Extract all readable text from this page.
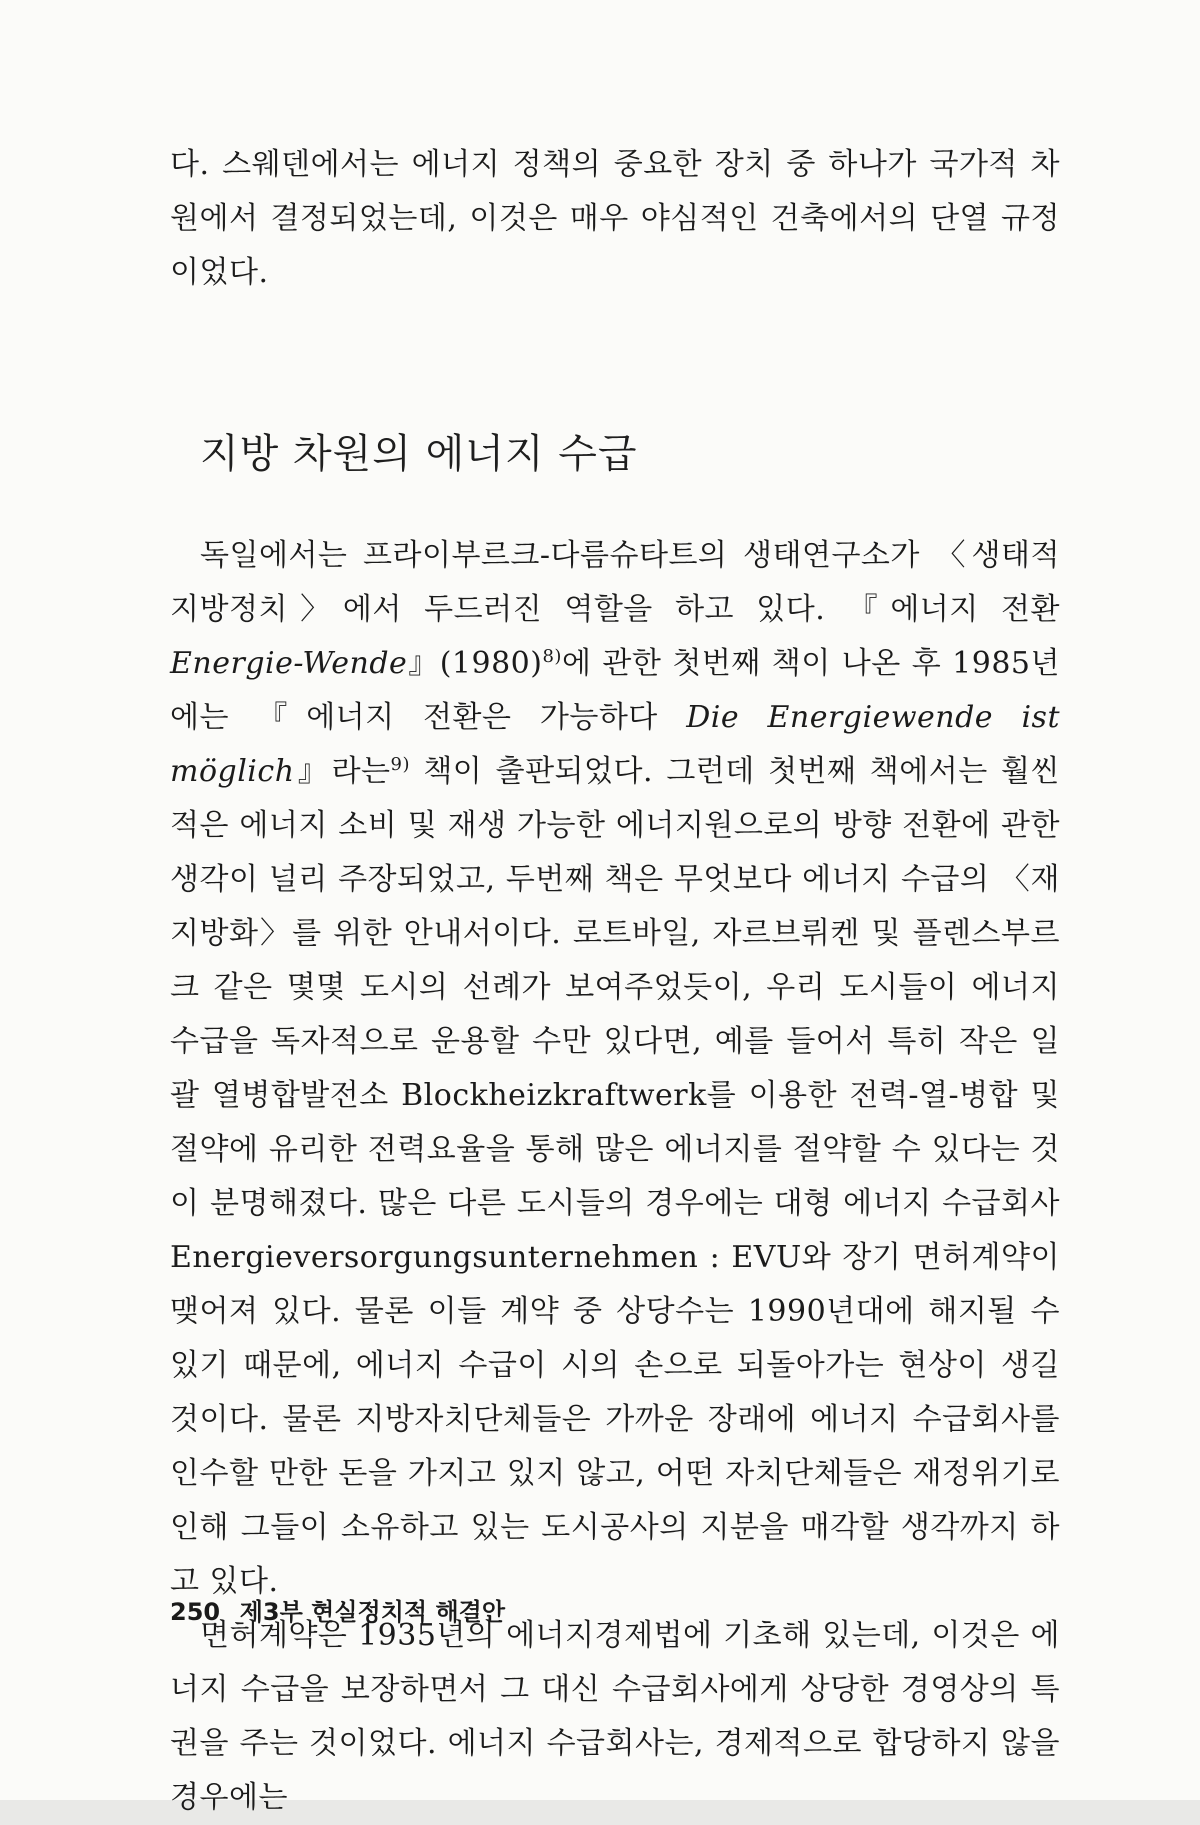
다. 스웨덴에서는 에너지 정책의 중요한 장치 중 하나가 국가적 차원에서 결정되었는데, 이것은 매우 야심적인 건축에서의 단열 규정이었다.

지방 차원의 에너지 수급

독일에서는 프라이부르크-다름슈타트의 생태연구소가 〈생태적 지방정치〉에서 두드러진 역할을 하고 있다. 『에너지 전환 Energie-Wende』$(1980)^{8)}$에 관한 첫번째 책이 나온 후 1985년에는 『에너지 전환은 가능하다 Die Energiewende ist möglich』라는$^{9)}$ 책이 출판되었다. 그런데 첫번째 책에서는 훨씬 적은 에너지 소비 및 재생 가능한 에너지원으로의 방향 전환에 관한 생각이 널리 주장되었고, 두번째 책은 무엇보다 에너지 수급의 〈재지방화〉를 위한 안내서이다. 로트바일, 자르브뤼켄 및 플렌스부르크 같은 몇몇 도시의 선례가 보여주었듯이, 우리 도시들이 에너지 수급을 독자적으로 운용할 수만 있다면, 예를 들어서 특히 작은 일괄 열병합발전소 Blockheizkraftwerk를 이용한 전력-열-병합 및 절약에 유리한 전력요율을 통해 많은 에너지를 절약할 수 있다는 것이 분명해졌다. 많은 다른 도시들의 경우에는 대형 에너지 수급회사 Energieversorgungsunternehmen : EVU와 장기 면허계약이 맺어져 있다. 물론 이들 계약 중 상당수는 1990년대에 해지될 수 있기 때문에, 에너지 수급이 시의 손으로 되돌아가는 현상이 생길 것이다. 물론 지방자치단체들은 가까운 장래에 에너지 수급회사를 인수할 만한 돈을 가지고 있지 않고, 어떤 자치단체들은 재정위기로 인해 그들이 소유하고 있는 도시공사의 지분을 매각할 생각까지 하고 있다.

면허계약은 1935년의 에너지경제법에 기초해 있는데, 이것은 에너지 수급을 보장하면서 그 대신 수급회사에게 상당한 경영상의 특권을 주는 것이었다. 에너지 수급회사는, 경제적으로 합당하지 않을 경우에는

250 제3부 현실정치적 해결안
